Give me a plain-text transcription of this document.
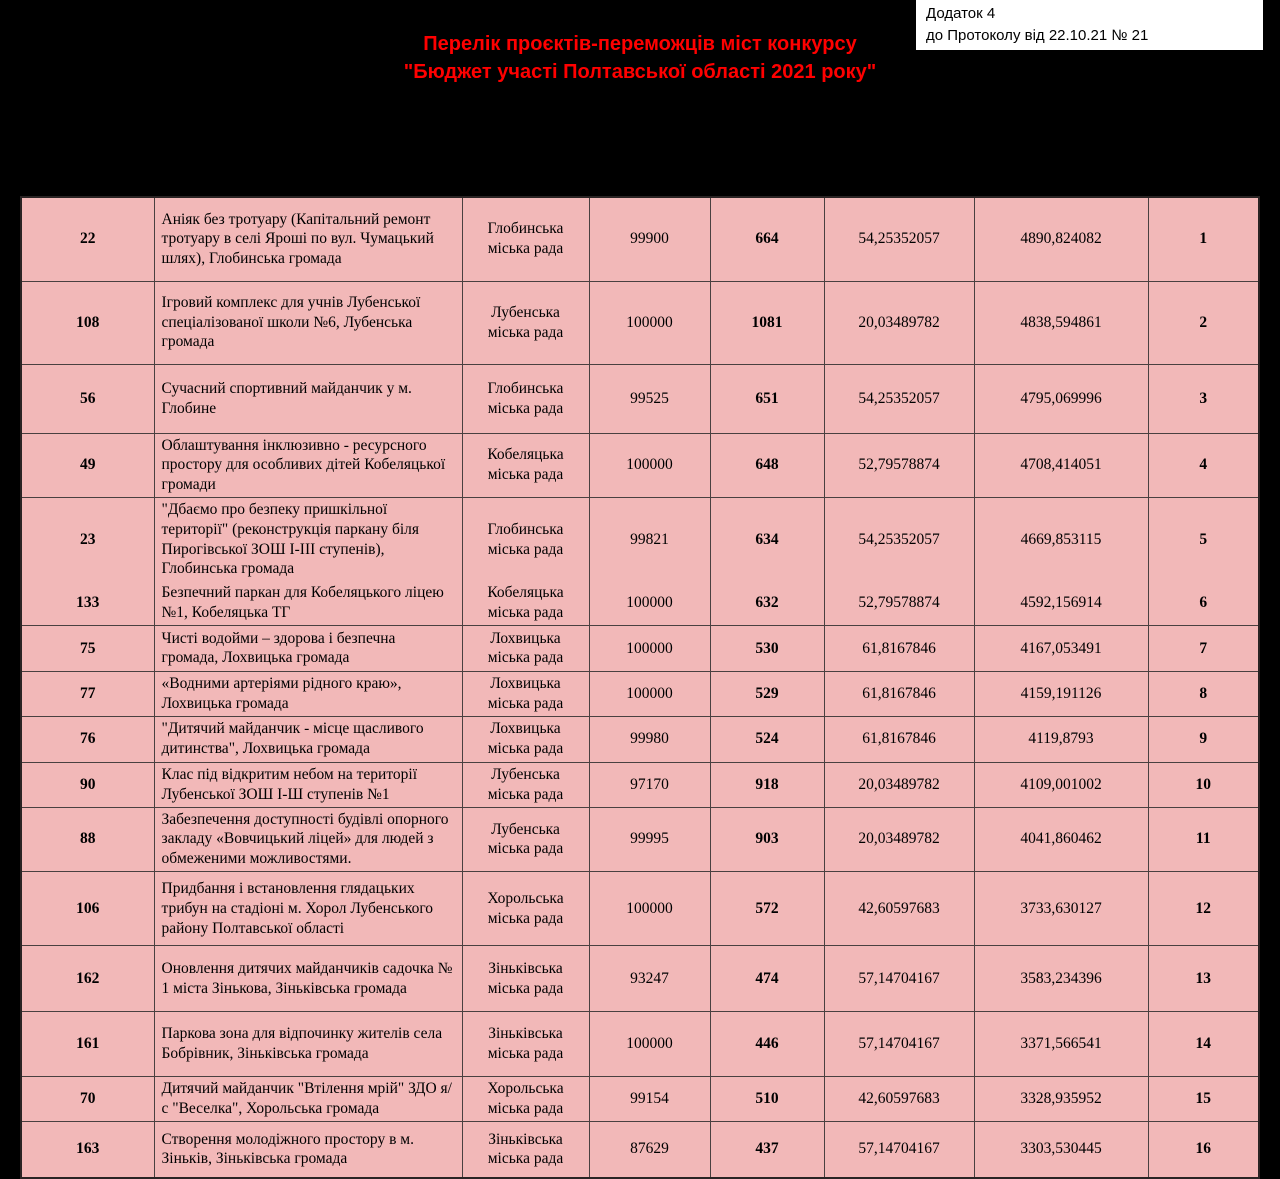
Додаток 4
до Протоколу від 22.10.21 № 21
Перелік проєктів-переможців міст конкурсу
"Бюджет участі Полтавської області 2021 року"
22	Аніяк без тротуару (Капітальний ремонт тротуару в селі Яроші по вул. Чумацький шлях), Глобинська громада	Глобинська міська рада	99900	664	54,25352057	4890,824082	1
108	Ігровий комплекс для учнів Лубенської спеціалізованої школи №6, Лубенська громада	Лубенська міська рада	100000	1081	20,03489782	4838,594861	2
56	Сучасний спортивний майданчик у м. Глобине	Глобинська міська рада	99525	651	54,25352057	4795,069996	3
49	Облаштування інклюзивно - ресурсного простору для особливих дітей Кобеляцької громади	Кобеляцька міська рада	100000	648	52,79578874	4708,414051	4
23	"Дбаємо про безпеку пришкільної території" (реконструкція паркану біля Пирогівської ЗОШ І-ІІІ ступенів), Глобинська громада	Глобинська міська рада	99821	634	54,25352057	4669,853115	5
133	Безпечний паркан для Кобеляцького ліцею №1, Кобеляцька ТГ	Кобеляцька міська рада	100000	632	52,79578874	4592,156914	6
75	Чисті водойми – здорова і безпечна громада, Лохвицька громада	Лохвицька міська рада	100000	530	61,8167846	4167,053491	7
77	«Водними артеріями рідного краю», Лохвицька громада	Лохвицька міська рада	100000	529	61,8167846	4159,191126	8
76	"Дитячий майданчик - місце щасливого дитинства", Лохвицька громада	Лохвицька міська рада	99980	524	61,8167846	4119,8793	9
90	Клас під відкритим небом на території Лубенської ЗОШ І-Ш ступенів №1	Лубенська міська рада	97170	918	20,03489782	4109,001002	10
88	Забезпечення доступності будівлі опорного закладу «Вовчицький ліцей» для людей з обмеженими можливостями.	Лубенська міська рада	99995	903	20,03489782	4041,860462	11
106	Придбання і встановлення глядацьких трибун на стадіоні м. Хорол Лубенського району Полтавської області	Хорольська міська рада	100000	572	42,60597683	3733,630127	12
162	Оновлення дитячих майданчиків садочка № 1 міста Зінькова, Зіньківська громада	Зіньківська міська рада	93247	474	57,14704167	3583,234396	13
161	Паркова зона для відпочинку жителів села Бобрівник, Зіньківська громада	Зіньківська міська рада	100000	446	57,14704167	3371,566541	14
70	Дитячий майданчик "Втілення мрій" ЗДО я/с "Веселка", Хорольська громада	Хорольська міська рада	99154	510	42,60597683	3328,935952	15
163	Створення молодіжного простору в м. Зіньків, Зіньківська громада	Зіньківська міська рада	87629	437	57,14704167	3303,530445	16
